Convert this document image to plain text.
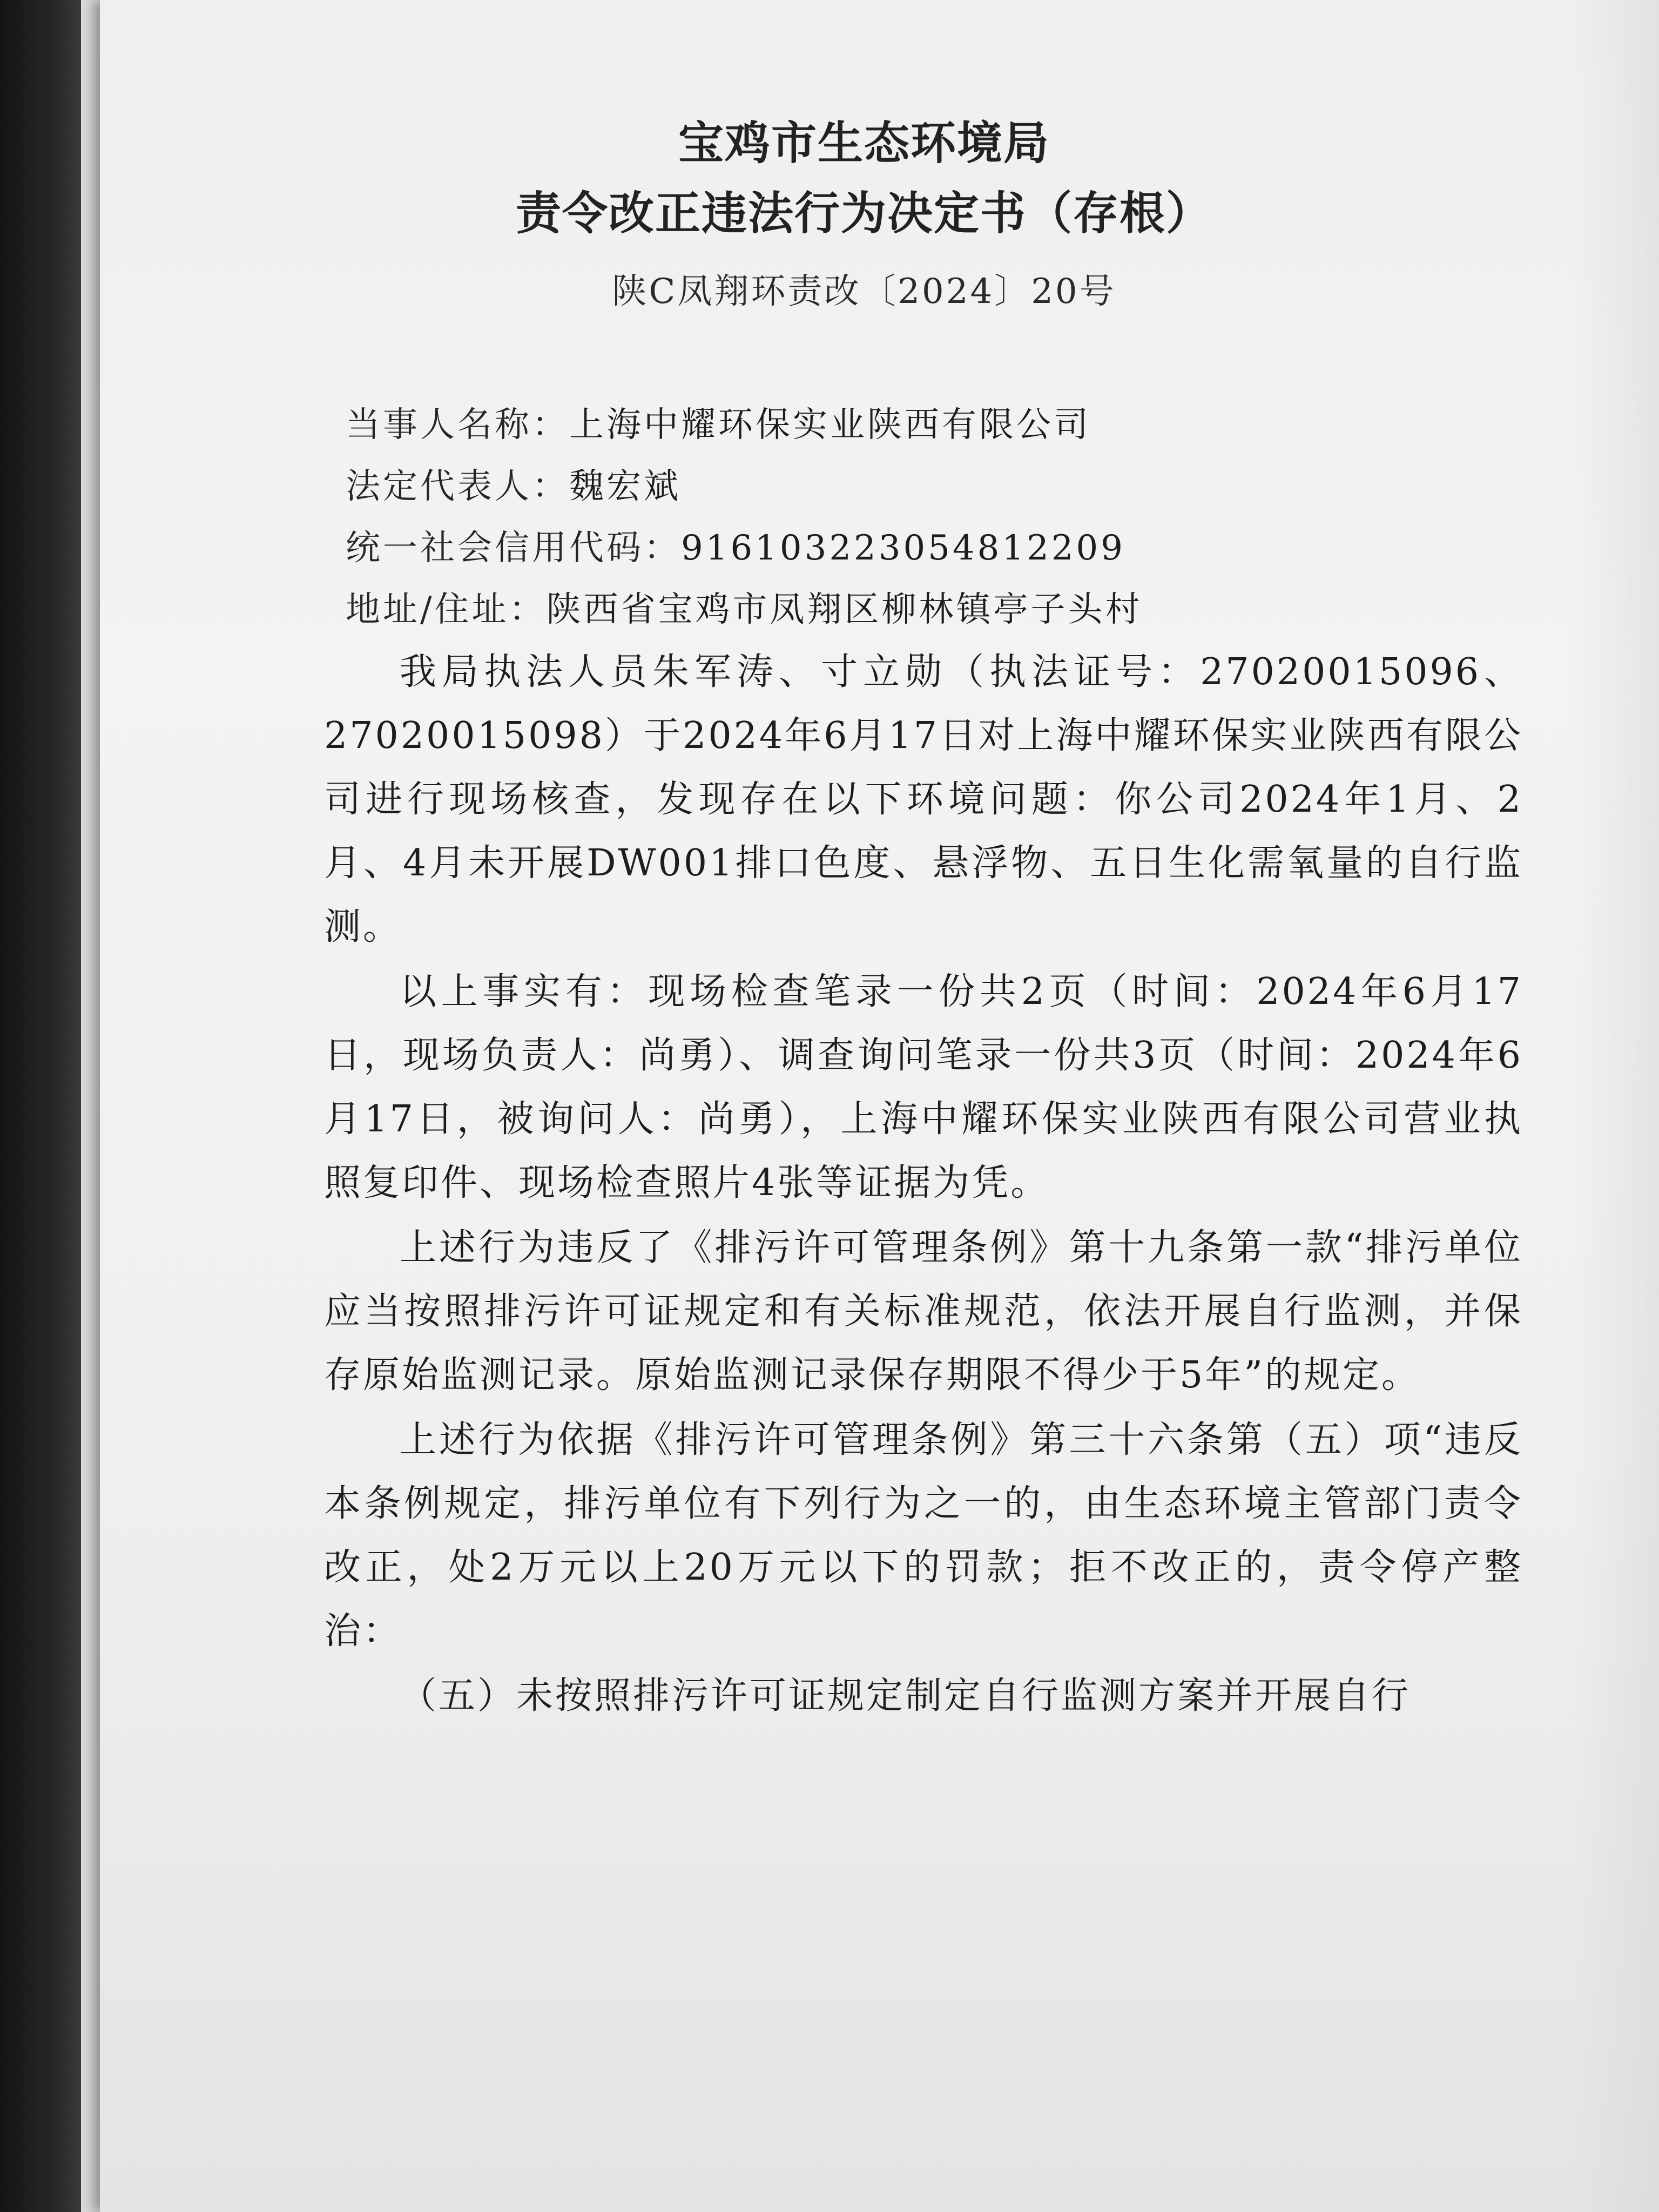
宝鸡市生态环境局
责令改正违法行为决定书（存根）
陕C凤翔环责改〔2024〕20号
当事人名称：上海中耀环保实业陕西有限公司
法定代表人：魏宏斌
统一社会信用代码：916103223054812209
地址/住址：陕西省宝鸡市凤翔区柳林镇亭子头村

我局执法人员朱军涛、寸立勋（执法证号：27020015096、27020015098）于2024年6月17日对上海中耀环保实业陕西有限公司进行现场核查，发现存在以下环境问题：你公司2024年1月、2月、4月未开展DW001排口色度、悬浮物、五日生化需氧量的自行监测。

以上事实有：现场检查笔录一份共2页（时间：2024年6月17日，现场负责人：尚勇）、调查询问笔录一份共3页（时间：2024年6月17日，被询问人：尚勇），上海中耀环保实业陕西有限公司营业执照复印件、现场检查照片4张等证据为凭。

上述行为违反了《排污许可管理条例》第十九条第一款“排污单位应当按照排污许可证规定和有关标准规范，依法开展自行监测，并保存原始监测记录。原始监测记录保存期限不得少于5年”的规定。

上述行为依据《排污许可管理条例》第三十六条第（五）项“违反本条例规定，排污单位有下列行为之一的，由生态环境主管部门责令改正，处2万元以上20万元以下的罚款；拒不改正的，责令停产整治：

（五）未按照排污许可证规定制定自行监测方案并开展自行
